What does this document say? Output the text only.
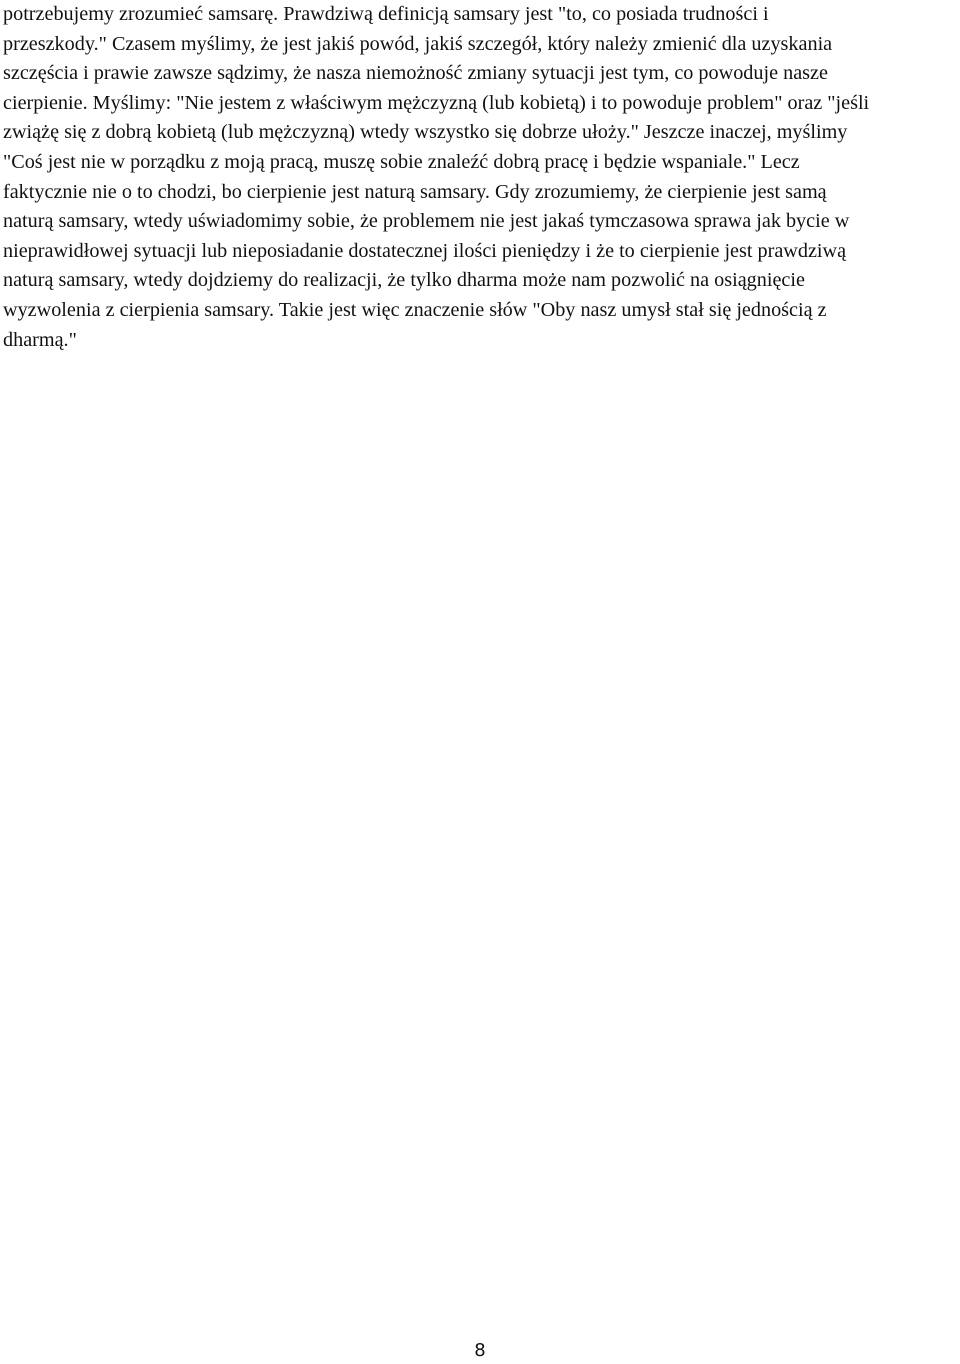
potrzebujemy zrozumieć samsarę. Prawdziwą definicją samsary jest "to, co posiada trudności i
przeszkody." Czasem myślimy, że jest jakiś powód, jakiś szczegół, który należy zmienić dla uzyskania
szczęścia i prawie zawsze sądzimy, że nasza niemożność zmiany sytuacji jest tym, co powoduje nasze
cierpienie. Myślimy: "Nie jestem z właściwym mężczyzną (lub kobietą) i to powoduje problem" oraz "jeśli
zwiążę się z dobrą kobietą (lub mężczyzną) wtedy wszystko się dobrze ułoży." Jeszcze inaczej, myślimy
"Coś jest nie w porządku z moją pracą, muszę sobie znaleźć dobrą pracę i będzie wspaniale." Lecz
faktycznie nie o to chodzi, bo cierpienie jest naturą samsary. Gdy zrozumiemy, że cierpienie jest samą
naturą samsary, wtedy uświadomimy sobie, że problemem nie jest jakaś tymczasowa sprawa jak bycie w
nieprawidłowej sytuacji lub nieposiadanie dostatecznej ilości pieniędzy i że to cierpienie jest prawdziwą
naturą samsary, wtedy dojdziemy do realizacji, że tylko dharma może nam pozwolić na osiągnięcie
wyzwolenia z cierpienia samsary. Takie jest więc znaczenie słów "Oby nasz umysł stał się jednością z
dharmą."

8
